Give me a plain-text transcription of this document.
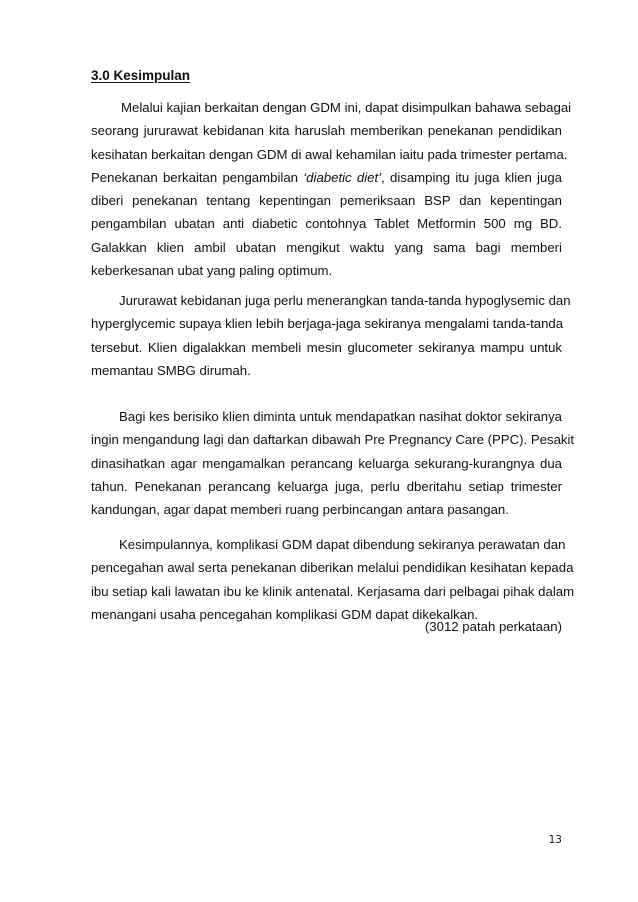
3.0 Kesimpulan
Melalui kajian berkaitan dengan GDM ini, dapat disimpulkan bahawa sebagai
seorang jururawat kebidanan kita haruslah memberikan penekanan pendidikan
kesihatan berkaitan dengan GDM di awal kehamilan iaitu pada trimester pertama.
Penekanan berkaitan pengambilan ‘diabetic diet’, disamping itu juga klien juga
diberi penekanan tentang kepentingan pemeriksaan BSP dan kepentingan
pengambilan ubatan anti diabetic contohnya Tablet Metformin 500 mg BD.
Galakkan klien ambil ubatan mengikut waktu yang sama bagi memberi
keberkesanan ubat yang paling optimum.
Jururawat kebidanan juga perlu menerangkan tanda-tanda hypoglysemic dan
hyperglycemic supaya klien lebih berjaga-jaga sekiranya mengalami tanda-tanda
tersebut. Klien digalakkan membeli mesin glucometer sekiranya mampu untuk
memantau SMBG dirumah.
Bagi kes berisiko klien diminta untuk mendapatkan nasihat doktor sekiranya
ingin mengandung lagi dan daftarkan dibawah Pre Pregnancy Care (PPC). Pesakit
dinasihatkan agar mengamalkan perancang keluarga sekurang-kurangnya dua
tahun. Penekanan perancang keluarga juga, perlu dberitahu setiap trimester
kandungan, agar dapat memberi ruang perbincangan antara pasangan.
Kesimpulannya, komplikasi GDM dapat dibendung sekiranya perawatan dan
pencegahan awal serta penekanan diberikan melalui pendidikan kesihatan kepada
ibu setiap kali lawatan ibu ke klinik antenatal. Kerjasama dari pelbagai pihak dalam
menangani usaha pencegahan komplikasi GDM dapat dikekalkan.
(3012 patah perkataan)
13
